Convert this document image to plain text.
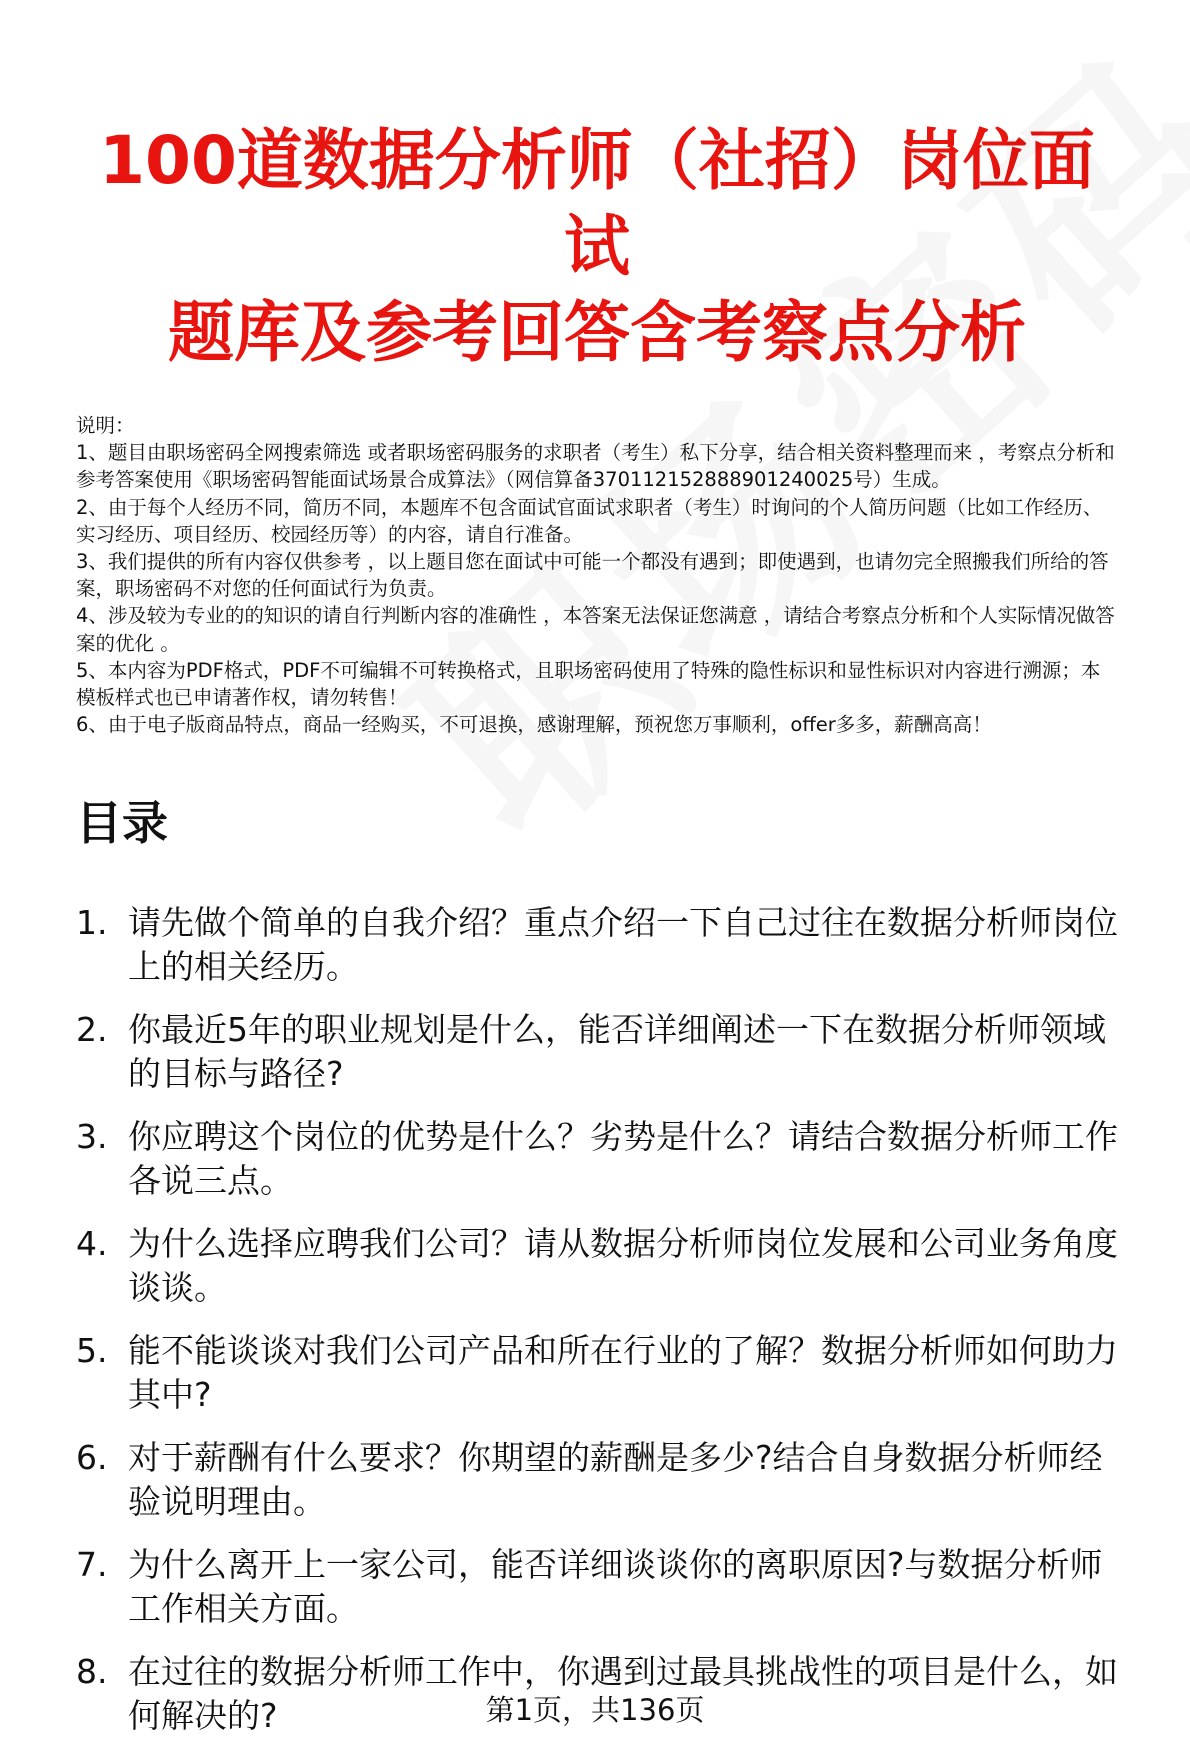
100道数据分析师（社招）岗位面试
题库及参考回答含考察点分析
说明：
1、题目由职场密码全网搜索筛选 或者职场密码服务的求职者（考生）私下分享，结合相关资料整理而来 ，考察点分析和参考答案使用《职场密码智能面试场景合成算法》（网信算备370112152888901240025号）生成。
2、由于每个人经历不同，简历不同，本题库不包含面试官面试求职者（考生）时询问的个人简历问题（比如工作经历、实习经历、项目经历、校园经历等）的内容，请自行准备。
3、我们提供的所有内容仅供参考 ，以上题目您在面试中可能一个都没有遇到；即使遇到，也请勿完全照搬我们所给的答案，职场密码不对您的任何面试行为负责。
4、涉及较为专业的的知识的请自行判断内容的准确性 ，本答案无法保证您满意 ，请结合考察点分析和个人实际情况做答案的优化 。
5、本内容为PDF格式，PDF不可编辑不可转换格式，且职场密码使用了特殊的隐性标识和显性标识对内容进行溯源；本模板样式也已申请著作权，请勿转售！
6、由于电子版商品特点，商品一经购买，不可退换，感谢理解，预祝您万事顺利，offer多多，薪酬高高！
目录
1. 请先做个简单的自我介绍？重点介绍一下自己过往在数据分析师岗位上的相关经历。
2. 你最近5年的职业规划是什么，能否详细阐述一下在数据分析师领域的目标与路径?
3. 你应聘这个岗位的优势是什么？劣势是什么？请结合数据分析师工作各说三点。
4. 为什么选择应聘我们公司？请从数据分析师岗位发展和公司业务角度谈谈。
5. 能不能谈谈对我们公司产品和所在行业的了解？数据分析师如何助力其中?
6. 对于薪酬有什么要求？你期望的薪酬是多少?结合自身数据分析师经验说明理由。
7. 为什么离开上一家公司，能否详细谈谈你的离职原因?与数据分析师工作相关方面。
8. 在过往的数据分析师工作中，你遇到过最具挑战性的项目是什么，如何解决的?	第1页，共136页
